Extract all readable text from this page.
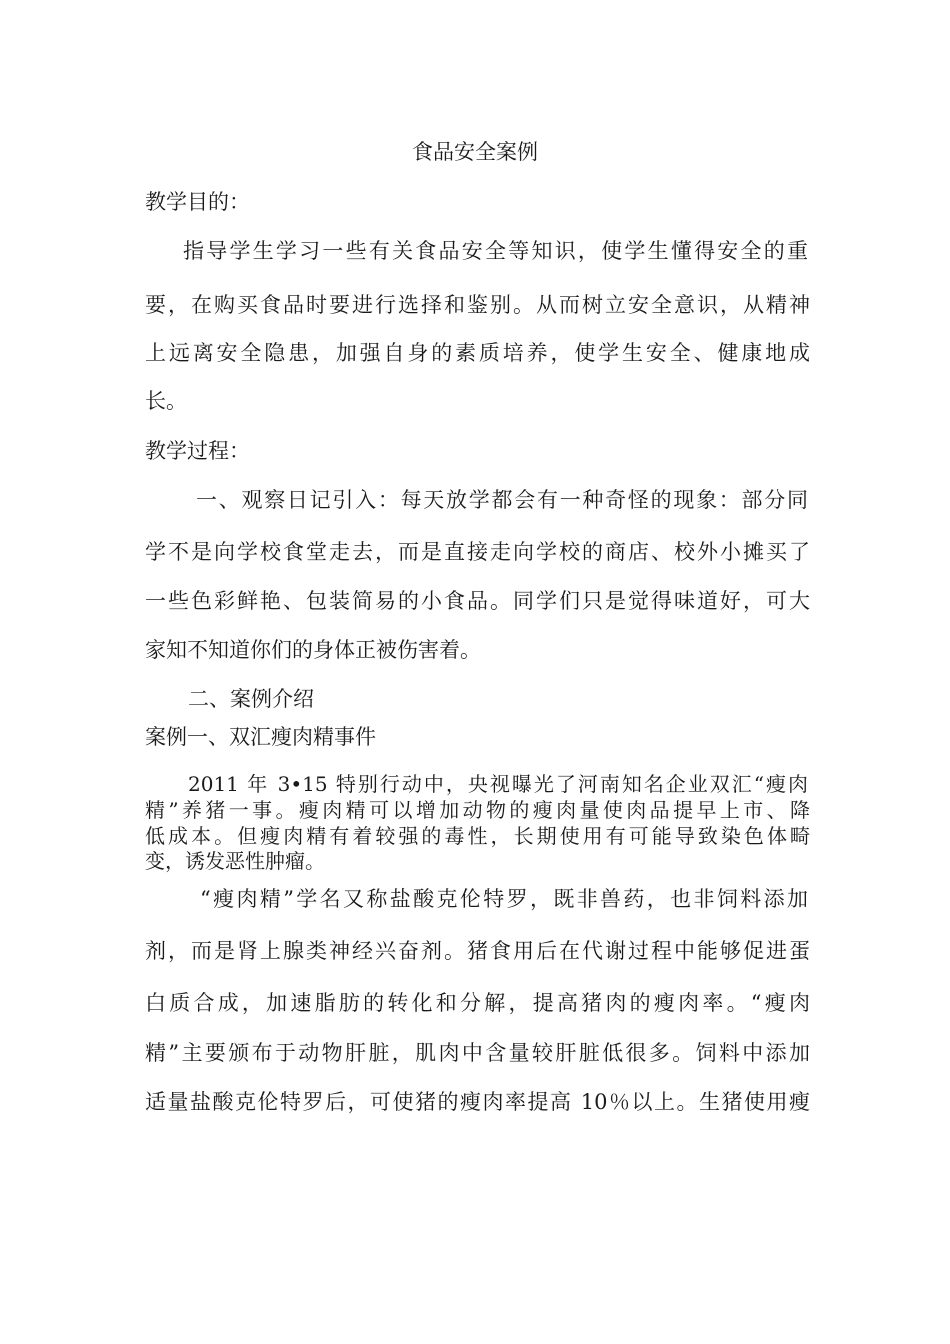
食品安全案例
教学目的：
指导学生学习一些有关食品安全等知识，使学生懂得安全的重
要，在购买食品时要进行选择和鉴别。从而树立安全意识，从精神
上远离安全隐患，加强自身的素质培养，使学生安全、健康地成
长。
教学过程：
一、观察日记引入：每天放学都会有一种奇怪的现象：部分同
学不是向学校食堂走去，而是直接走向学校的商店、校外小摊买了
一些色彩鲜艳、包装简易的小食品。同学们只是觉得味道好，可大
家知不知道你们的身体正被伤害着。
二、案例介绍
案例一、双汇瘦肉精事件
2011 年 3•15 特别行动中，央视曝光了河南知名企业双汇“瘦肉
精”养猪一事。瘦肉精可以增加动物的瘦肉量使肉品提早上市、降
低成本。但瘦肉精有着较强的毒性，长期使用有可能导致染色体畸
变，诱发恶性肿瘤。
“瘦肉精”学名又称盐酸克伦特罗，既非兽药，也非饲料添加
剂，而是肾上腺类神经兴奋剂。猪食用后在代谢过程中能够促进蛋
白质合成，加速脂肪的转化和分解，提高猪肉的瘦肉率。“瘦肉
精”主要颁布于动物肝脏，肌肉中含量较肝脏低很多。饲料中添加
适量盐酸克伦特罗后，可使猪的瘦肉率提高 10％以上。生猪使用瘦
